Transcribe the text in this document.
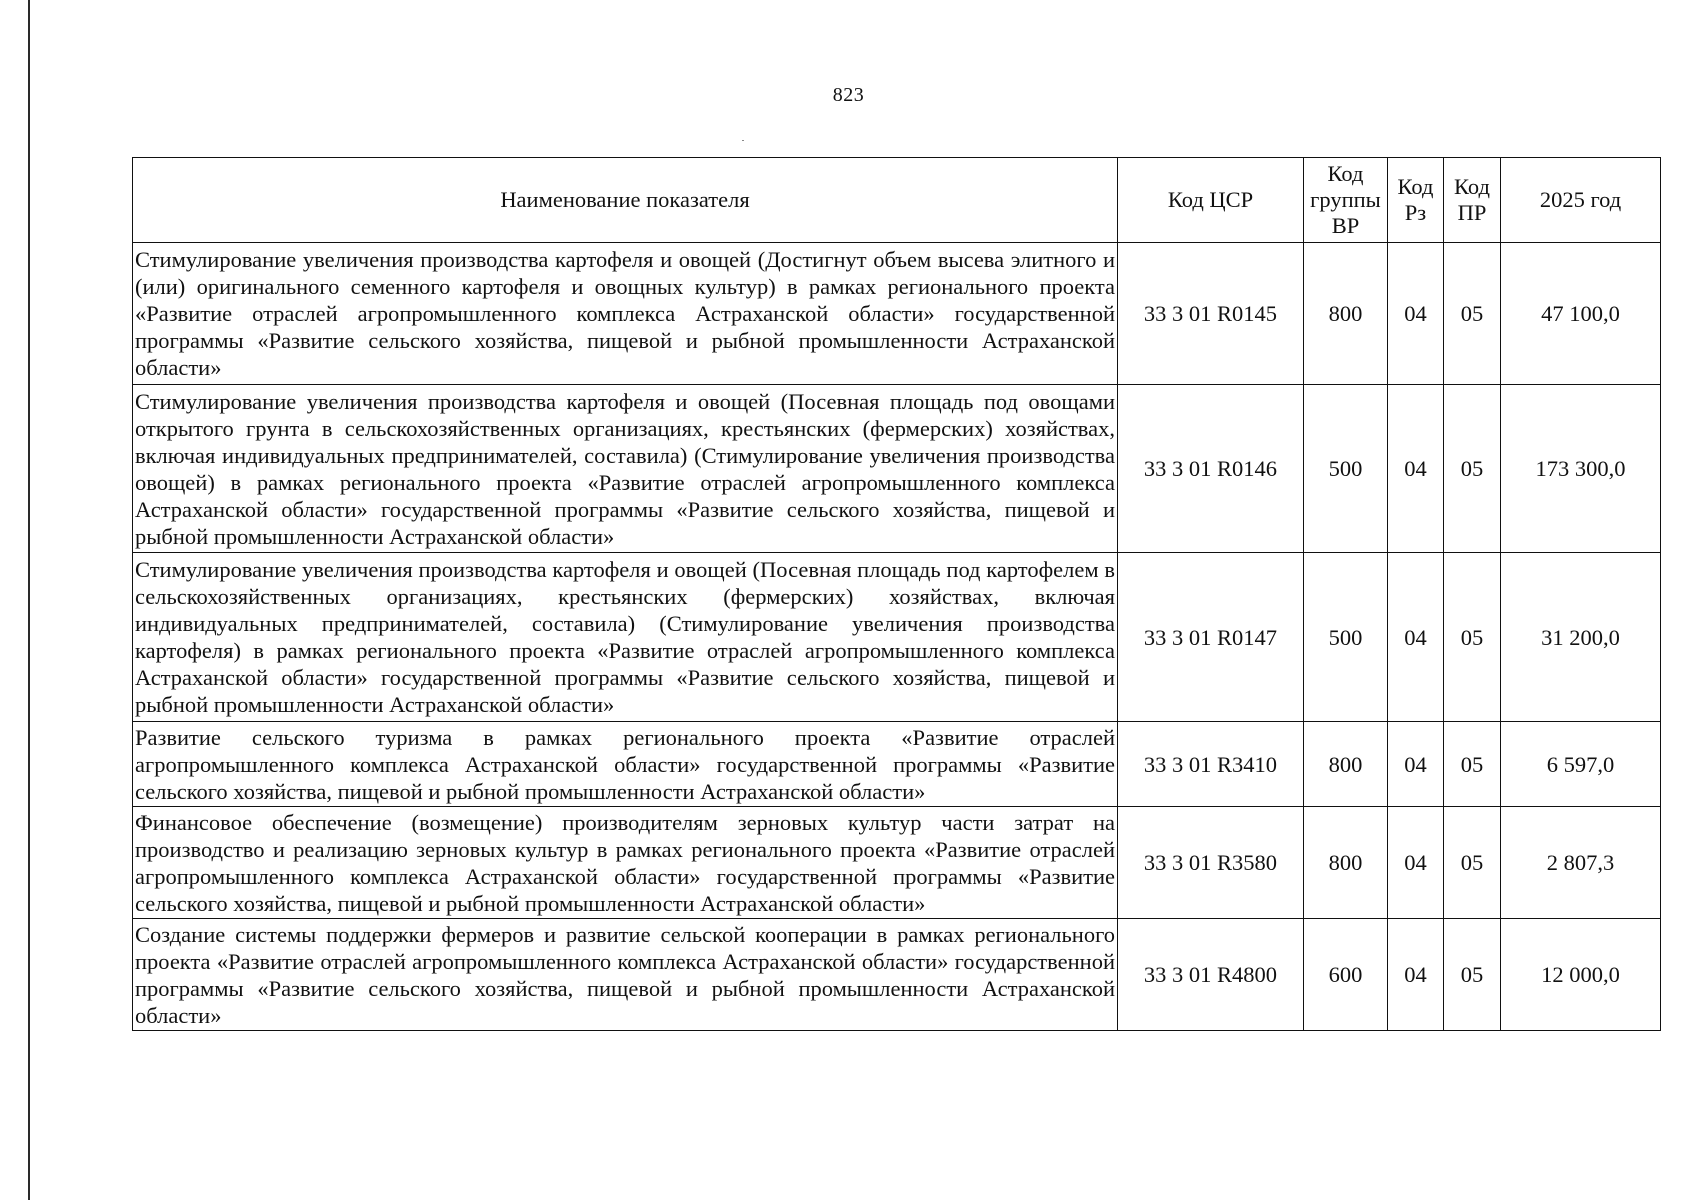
823
Наименование показателя	Код ЦСР	Код группы ВР	Код Рз	Код ПР	2025 год
Стимулирование увеличения производства картофеля и овощей (Достигнут объем высева элитного и (или) оригинального семенного картофеля и овощных культур) в рамках регионального проекта «Развитие отраслей агропромышленного комплекса Астраханской области» государственной программы «Развитие сельского хозяйства, пищевой и рыбной промышленности Астраханской области»	33 3 01 R0145	800	04	05	47 100,0
Стимулирование увеличения производства картофеля и овощей (Посевная площадь под овощами открытого грунта в сельскохозяйственных организациях, крестьянских (фермерских) хозяйствах, включая индивидуальных предпринимателей, составила) (Стимулирование увеличения производства овощей) в рамках регионального проекта «Развитие отраслей агропромышленного комплекса Астраханской области» государственной программы «Развитие сельского хозяйства, пищевой и рыбной промышленности Астраханской области»	33 3 01 R0146	500	04	05	173 300,0
Стимулирование увеличения производства картофеля и овощей (Посевная площадь под картофелем в сельскохозяйственных организациях, крестьянских (фермерских) хозяйствах, включая индивидуальных предпринимателей, составила) (Стимулирование увеличения производства картофеля) в рамках регионального проекта «Развитие отраслей агропромышленного комплекса Астраханской области» государственной программы «Развитие сельского хозяйства, пищевой и рыбной промышленности Астраханской области»	33 3 01 R0147	500	04	05	31 200,0
Развитие сельского туризма в рамках регионального проекта «Развитие отраслей агропромышленного комплекса Астраханской области» государственной программы «Развитие сельского хозяйства, пищевой и рыбной промышленности Астраханской области»	33 3 01 R3410	800	04	05	6 597,0
Финансовое обеспечение (возмещение) производителям зерновых культур части затрат на производство и реализацию зерновых культур в рамках регионального проекта «Развитие отраслей агропромышленного комплекса Астраханской области» государственной программы «Развитие сельского хозяйства, пищевой и рыбной промышленности Астраханской области»	33 3 01 R3580	800	04	05	2 807,3
Создание системы поддержки фермеров и развитие сельской кооперации в рамках регионального проекта «Развитие отраслей агропромышленного комплекса Астраханской области» государственной программы «Развитие сельского хозяйства, пищевой и рыбной промышленности Астраханской области»	33 3 01 R4800	600	04	05	12 000,0
